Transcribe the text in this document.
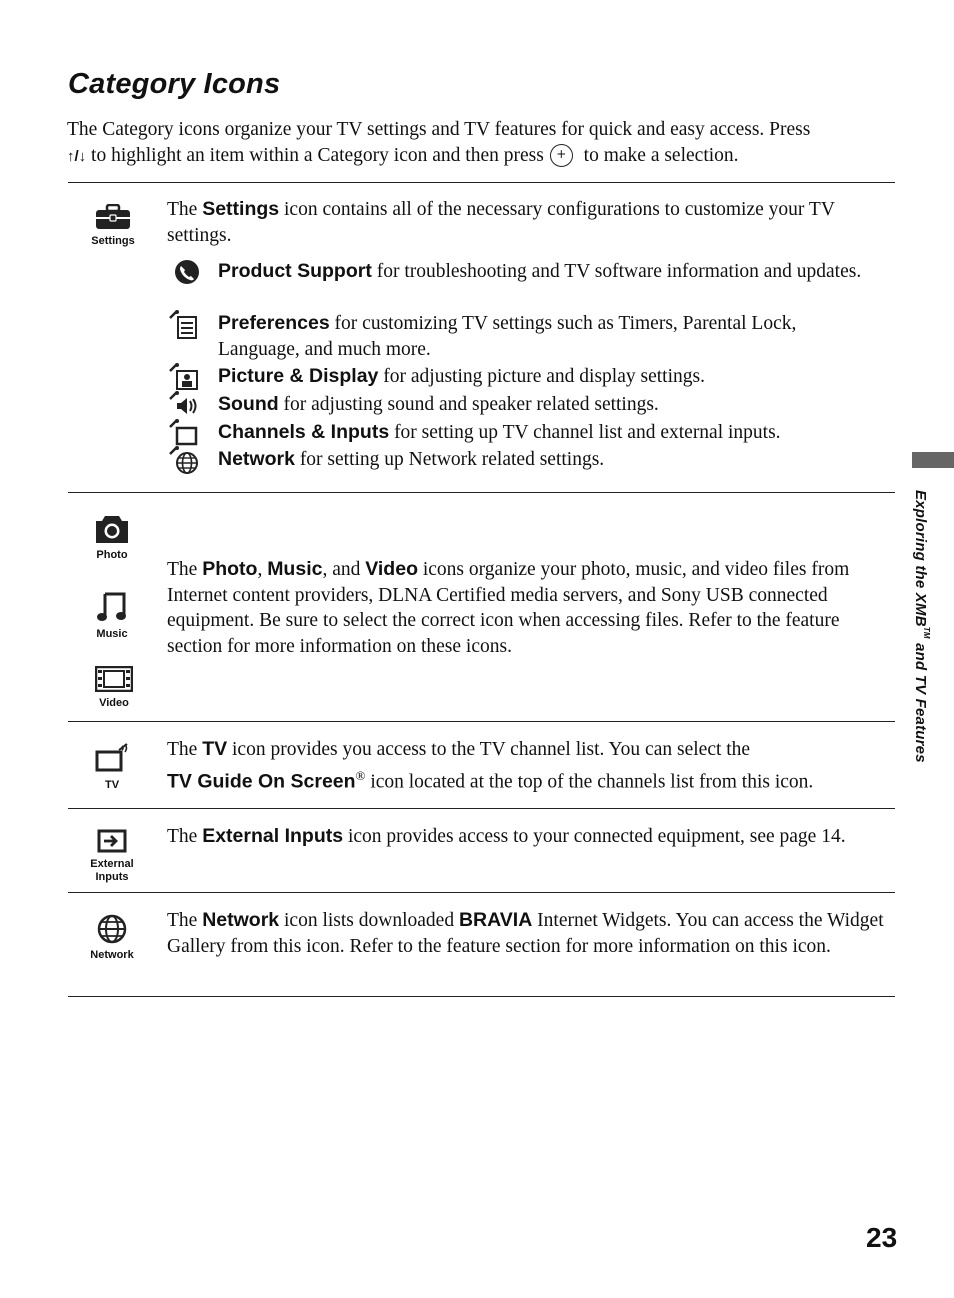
Category Icons
The Category icons organize your TV settings and TV features for quick and easy access. Press
↑/↓ to highlight an item within a Category icon and then press+ to make a selection.
Settings
The Settings icon contains all of the necessary configurations to customize your TV settings.
Product Support for troubleshooting and TV software information and updates.
Preferences for customizing TV settings such as Timers, Parental Lock, Language, and much more.
Picture & Display for adjusting picture and display settings.
Sound for adjusting sound and speaker related settings.
Channels & Inputs for setting up TV channel list and external inputs.
Network for setting up Network related settings.
Photo
Music
Video
The Photo, Music, and Video icons organize your photo, music, and video files from Internet content providers, DLNA Certified media servers, and Sony USB connected equipment. Be sure to select the correct icon when accessing files. Refer to the feature section for more information on these icons.
TV
The TV icon provides you access to the TV channel list. You can select the
TV Guide On Screen® icon located at the top of the channels list from this icon.
External
Inputs
The External Inputs icon provides access to your connected equipment, see page 14.
Network
The Network icon lists downloaded BRAVIA Internet Widgets. You can access the Widget Gallery from this icon. Refer to the feature section for more information on this icon.
Exploring the XMB™ and TV Features
23
